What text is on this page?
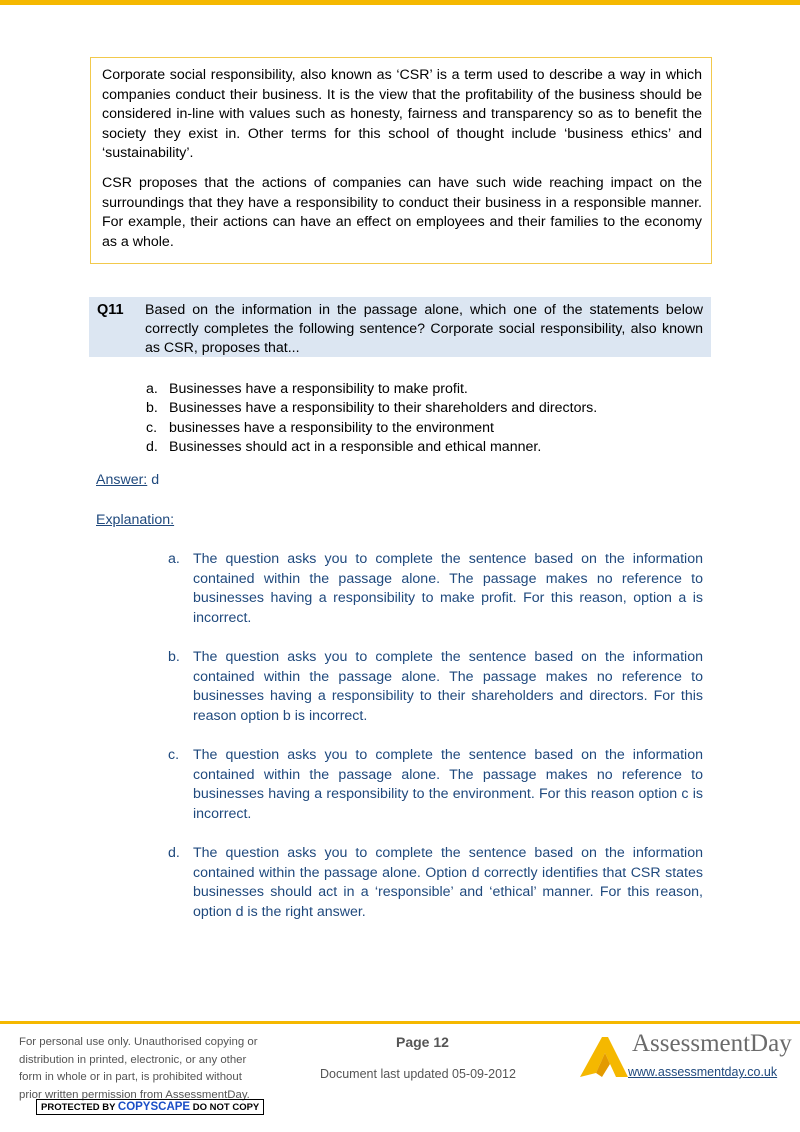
Corporate social responsibility, also known as ‘CSR’ is a term used to describe a way in which companies conduct their business. It is the view that the profitability of the business should be considered in-line with values such as honesty, fairness and transparency so as to benefit the society they exist in. Other terms for this school of thought include ‘business ethics’ and ‘sustainability’.

CSR proposes that the actions of companies can have such wide reaching impact on the surroundings that they have a responsibility to conduct their business in a responsible manner. For example, their actions can have an effect on employees and their families to the economy as a whole.

Q11 Based on the information in the passage alone, which one of the statements below correctly completes the following sentence? Corporate social responsibility, also known as CSR, proposes that...
a. Businesses have a responsibility to make profit.
b. Businesses have a responsibility to their shareholders and directors.
c. businesses have a responsibility to the environment
d. Businesses should act in a responsible and ethical manner.
Answer: d
Explanation:
a. The question asks you to complete the sentence based on the information contained within the passage alone. The passage makes no reference to businesses having a responsibility to make profit. For this reason, option a is incorrect.
b. The question asks you to complete the sentence based on the information contained within the passage alone. The passage makes no reference to businesses having a responsibility to their shareholders and directors. For this reason option b is incorrect.
c. The question asks you to complete the sentence based on the information contained within the passage alone. The passage makes no reference to businesses having a responsibility to the environment. For this reason option c is incorrect.
d. The question asks you to complete the sentence based on the information contained within the passage alone. Option d correctly identifies that CSR states businesses should act in a ‘responsible’ and ‘ethical’ manner. For this reason, option d is the right answer.
For personal use only. Unauthorised copying or
distribution in printed, electronic, or any other
form in whole or in part, is prohibited without
prior written permission from AssessmentDay.
PROTECTED BY COPYSCAPE DO NOT COPY
Page 12
Document last updated 05-09-2012
AssessmentDay
www.assessmentday.co.uk
